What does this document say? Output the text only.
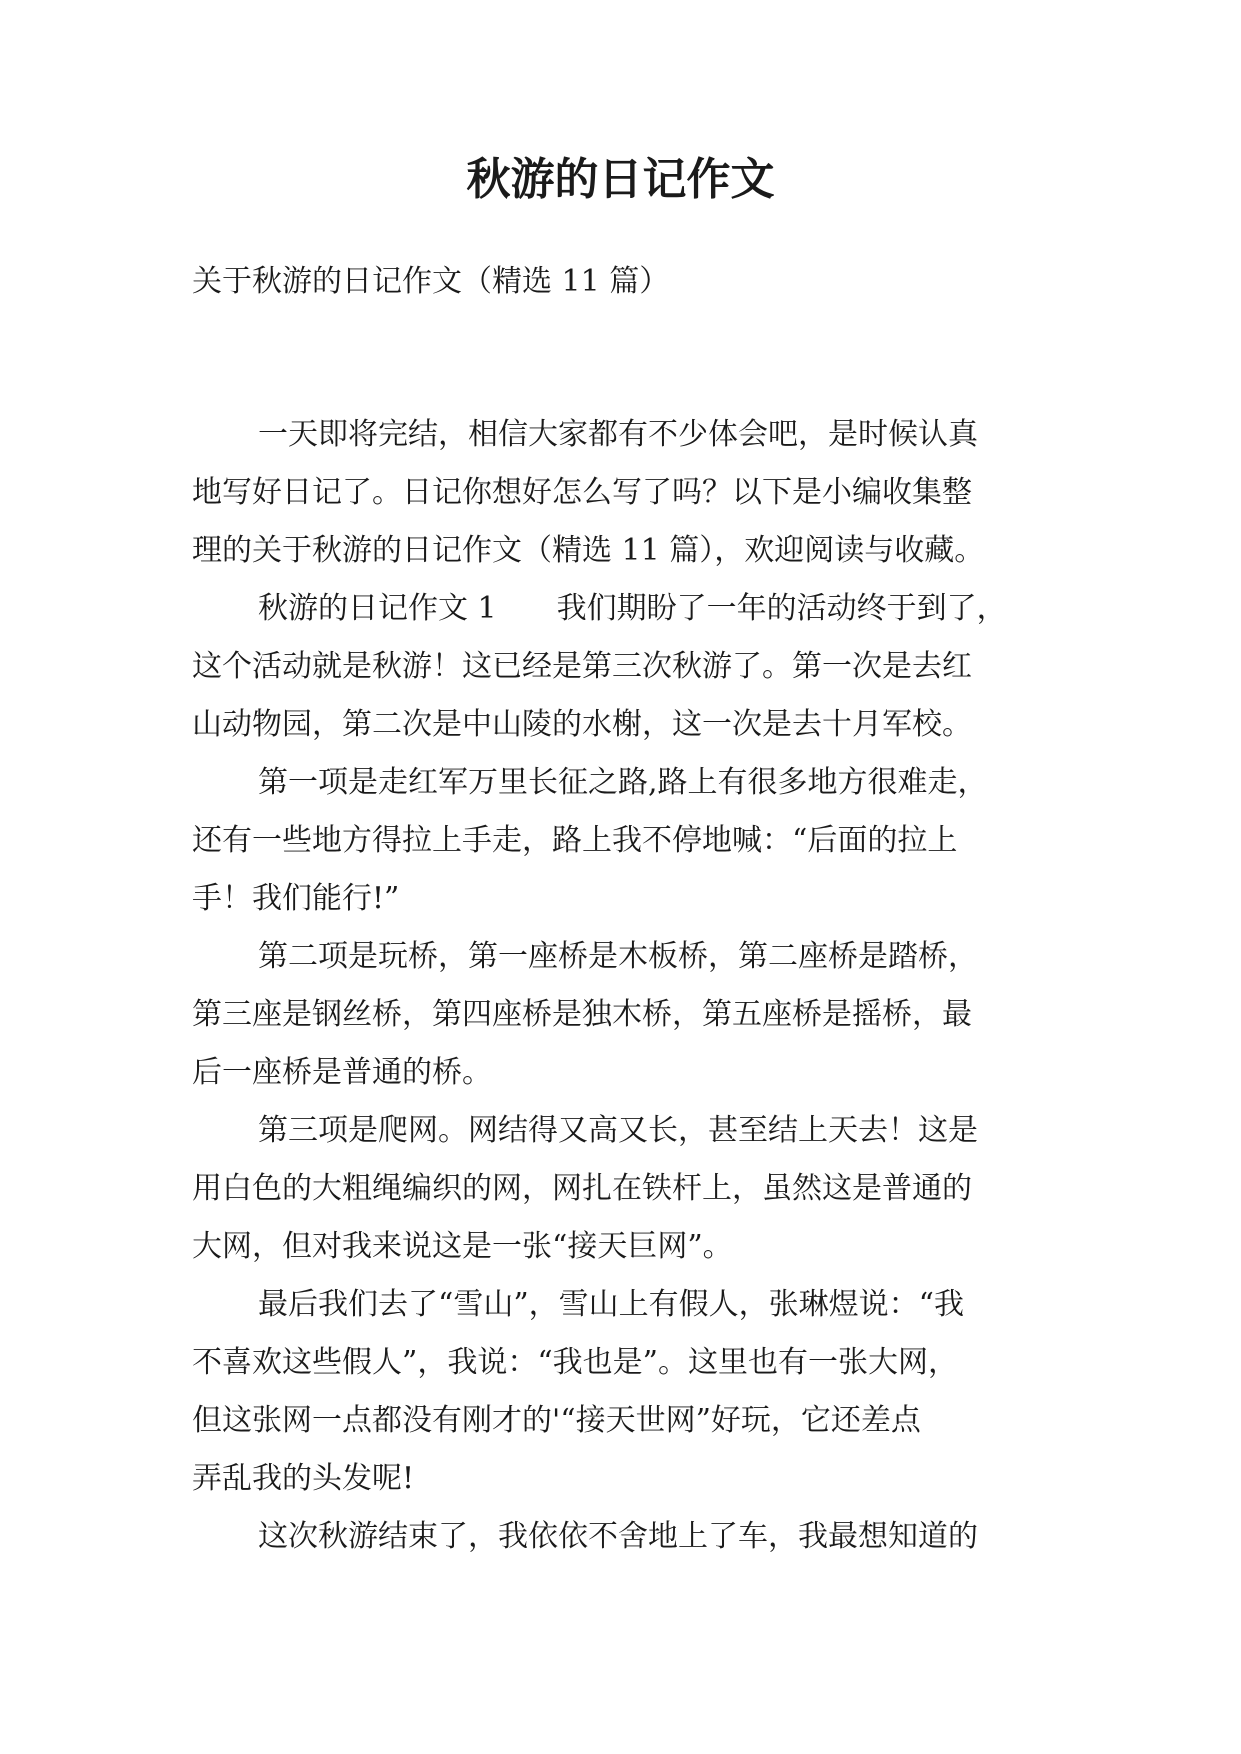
秋游的日记作文

关于秋游的日记作文（精选 11 篇）

一天即将完结，相信大家都有不少体会吧，是时候认真
地写好日记了。日记你想好怎么写了吗？以下是小编收集整
理的关于秋游的日记作文（精选 11 篇），欢迎阅读与收藏。
秋游的日记作文 1　　我们期盼了一年的活动终于到了，
这个活动就是秋游！这已经是第三次秋游了。第一次是去红
山动物园，第二次是中山陵的水榭，这一次是去十月军校。
第一项是走红军万里长征之路,路上有很多地方很难走，
还有一些地方得拉上手走，路上我不停地喊：“后面的拉上
手！我们能行!”
第二项是玩桥，第一座桥是木板桥，第二座桥是踏桥，
第三座是钢丝桥，第四座桥是独木桥，第五座桥是摇桥，最
后一座桥是普通的桥。
第三项是爬网。网结得又高又长，甚至结上天去！这是
用白色的大粗绳编织的网，网扎在铁杆上，虽然这是普通的
大网，但对我来说这是一张“接天巨网”。
最后我们去了“雪山”，雪山上有假人，张琳煜说：“我
不喜欢这些假人”，我说：“我也是”。这里也有一张大网，
但这张网一点都没有刚才的'“接天世网”好玩，它还差点
弄乱我的头发呢!
这次秋游结束了，我依依不舍地上了车，我最想知道的
